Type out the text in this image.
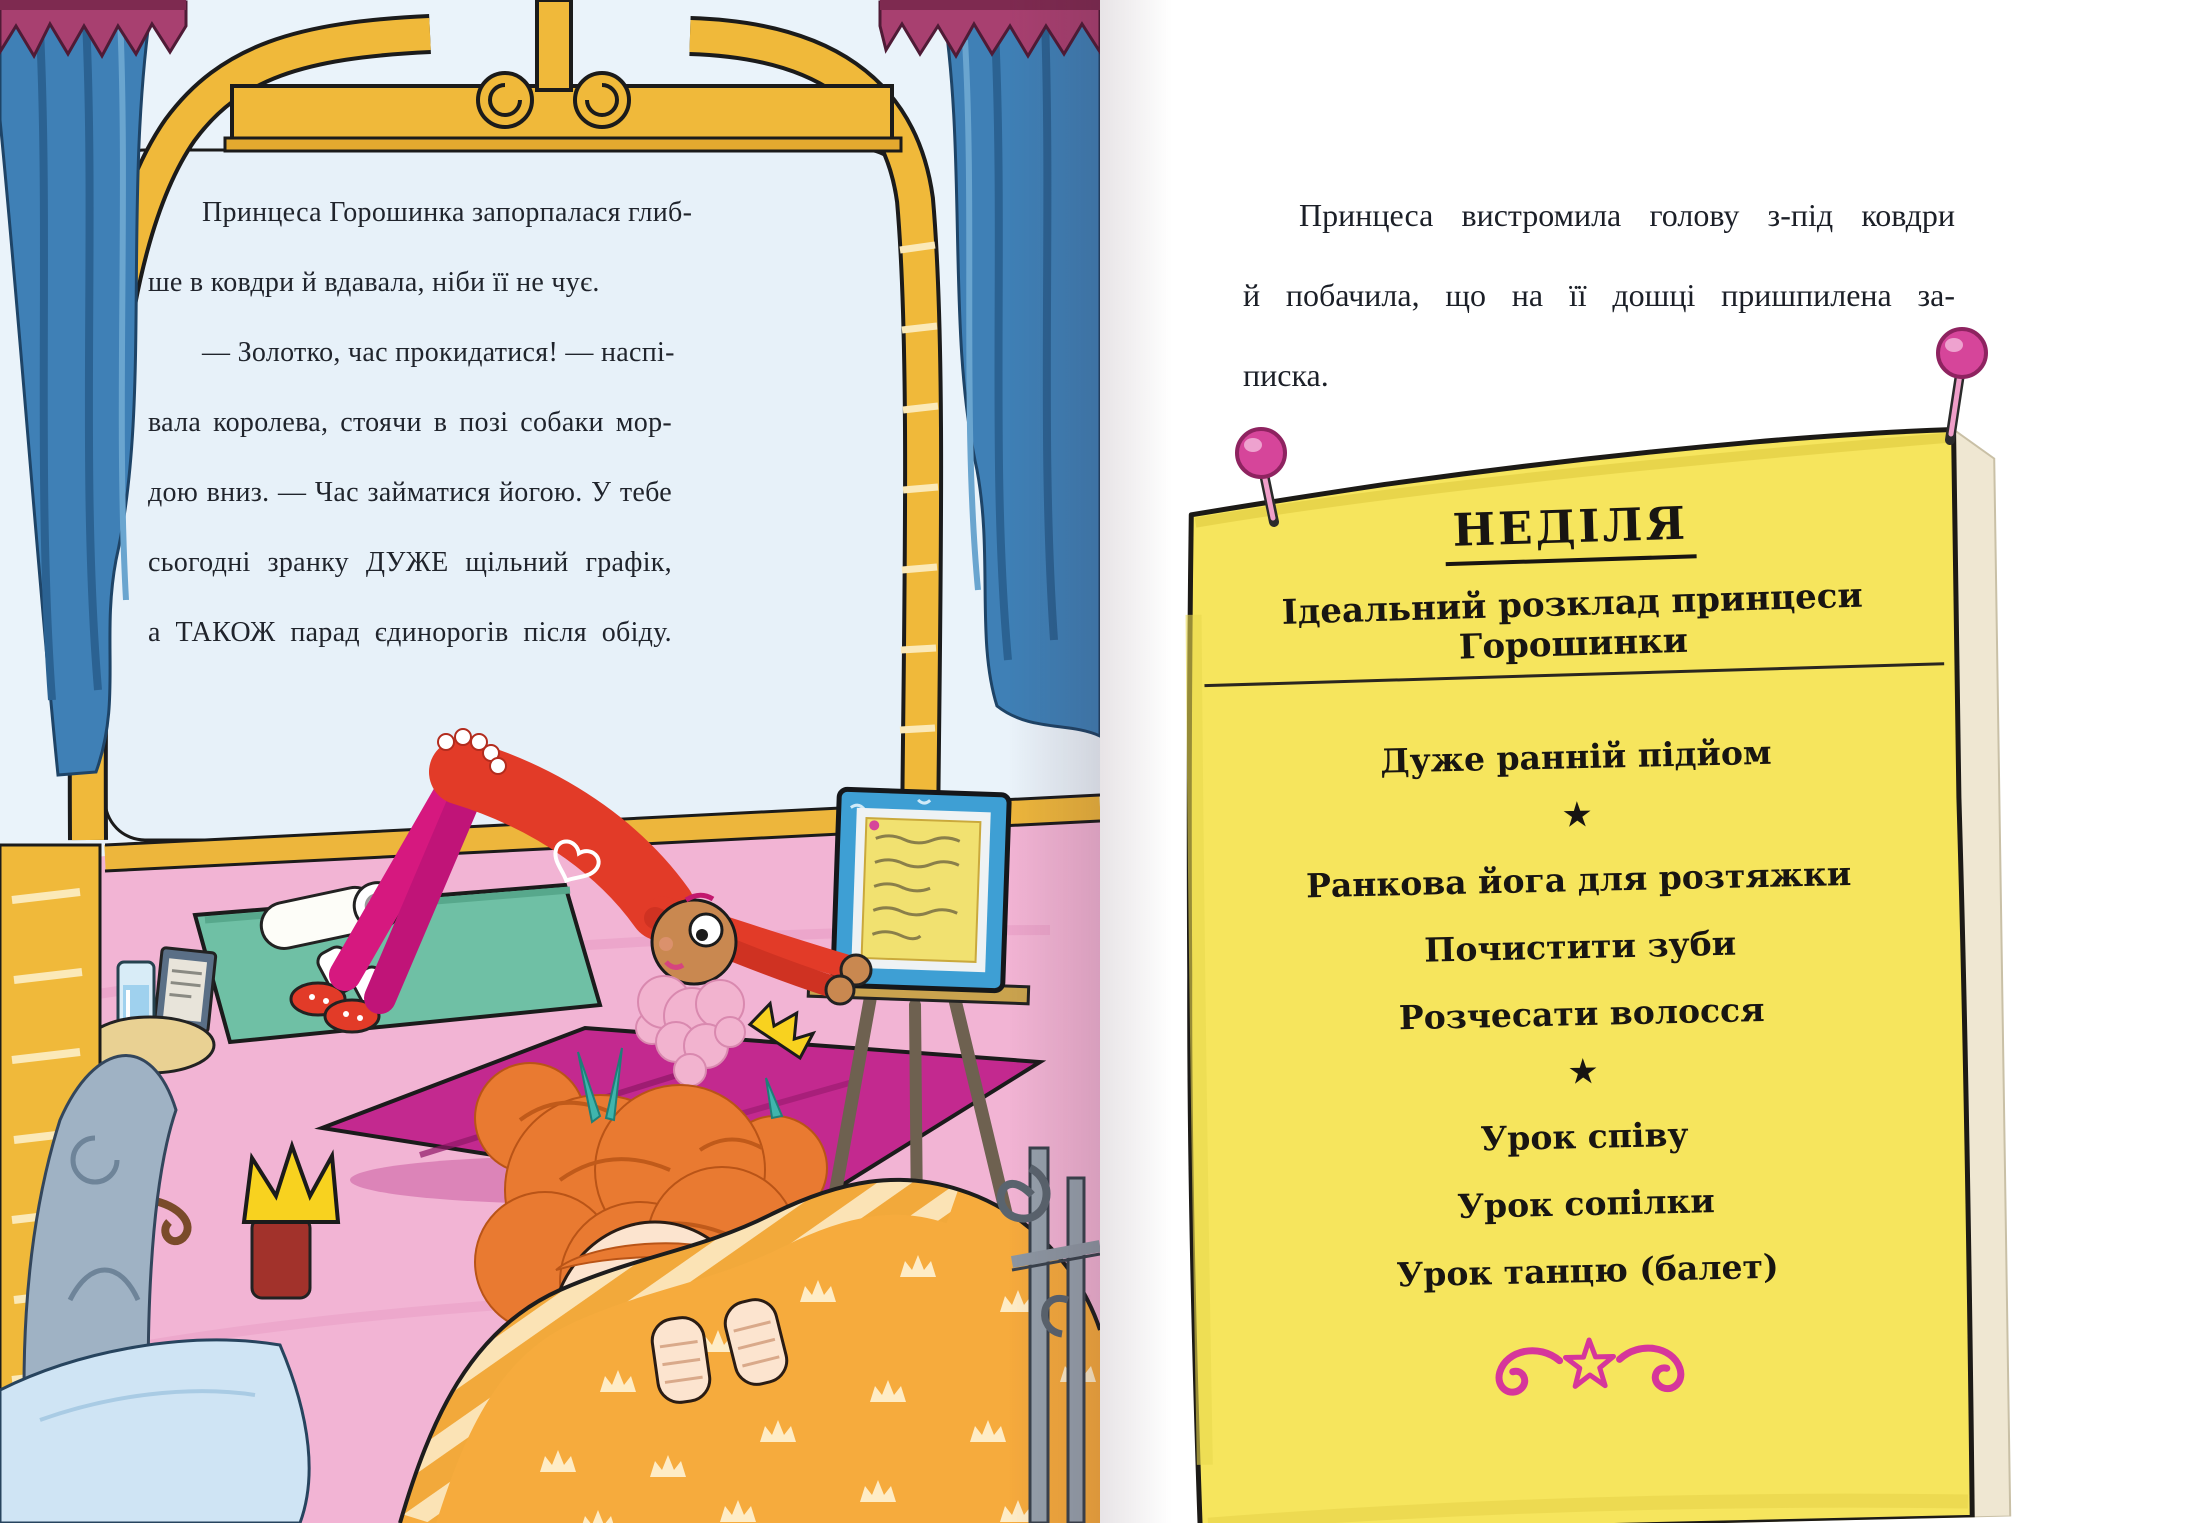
Принцеса Горошинка запорпалася глиб-
ше в ковдри й вдавала, ніби її не чує.
— Золотко, час прокидатися! — наспі-
вала королева, стоячи в позі собаки мор-
дою вниз. — Час займатися йогою. У тебе
сьогодні зранку ДУЖЕ щільний графік,
а ТАКОЖ парад єдинорогів після обіду.
Принцеса вистромила голову з-під ковдри
й побачила, що на її дошці пришпилена за-
писка.
НЕДІЛЯ
Ідеальний розклад принцеси Горошинки
Дуже ранній підйом
★
Ранкова йога для розтяжки
Почистити зуби
Розчесати волосся
★
Урок співу
Урок сопілки
Урок танцю (балет)
